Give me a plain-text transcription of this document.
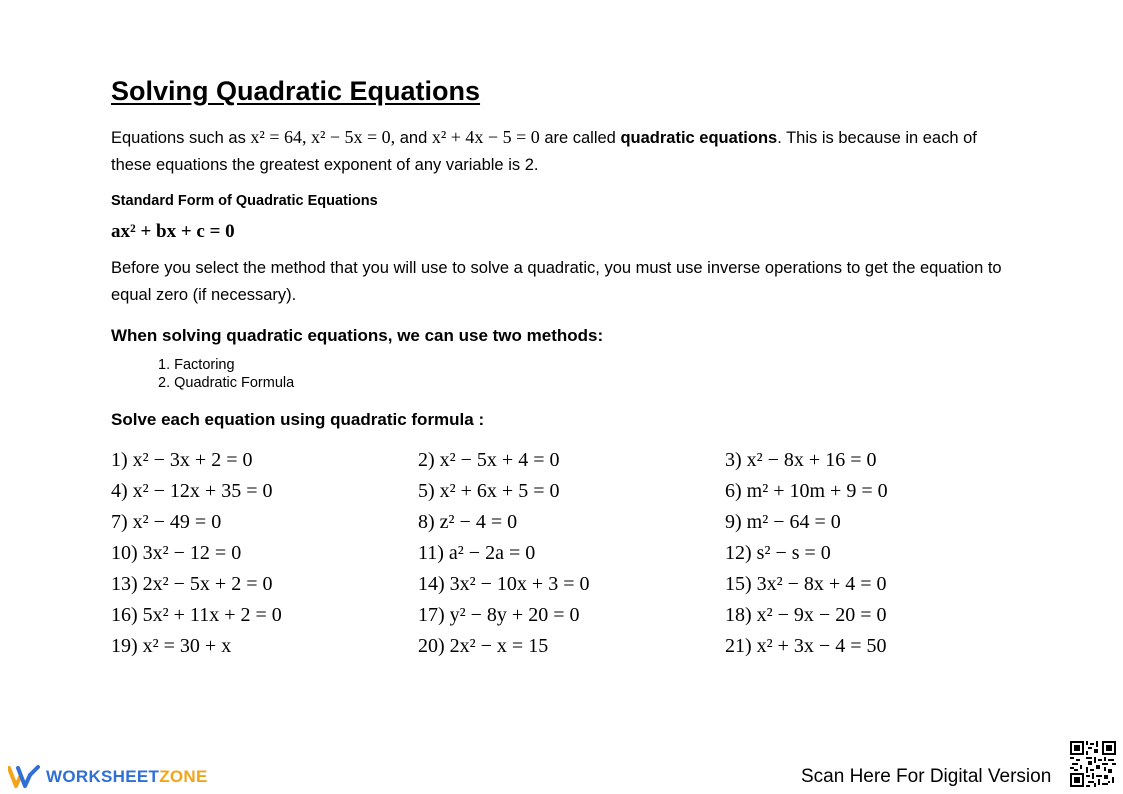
Solving Quadratic Equations

Equations such as x² = 64, x² − 5x = 0, and x² + 4x − 5 = 0 are called quadratic equations. This is because in each of these equations the greatest exponent of any variable is 2.

Standard Form of Quadratic Equations
ax² + bx + c = 0

Before you select the method that you will use to solve a quadratic, you must use inverse operations to get the equation to equal zero (if necessary).

When solving quadratic equations, we can use two methods:
1. Factoring
2. Quadratic Formula
Solve each equation using quadratic formula :
1) x² − 3x + 2 = 0	2) x² − 5x + 4 = 0	3) x² − 8x + 16 = 0
4) x² − 12x + 35 = 0	5) x² + 6x + 5 = 0	6) m² + 10m + 9 = 0
7) x² − 49 = 0	8) z² − 4 = 0	9) m² − 64 = 0
10) 3x² − 12 = 0	11) a² − 2a = 0	12) s² − s = 0
13) 2x² − 5x + 2 = 0	14) 3x² − 10x + 3 = 0	15) 3x² − 8x + 4 = 0
16) 5x² + 11x + 2 = 0	17) y² − 8y + 20 = 0	18) x² − 9x − 20 = 0
19) x² = 30 + x	20) 2x² − x = 15	21) x² + 3x − 4 = 50
WORKSHEETZONE	Scan Here For Digital Version
